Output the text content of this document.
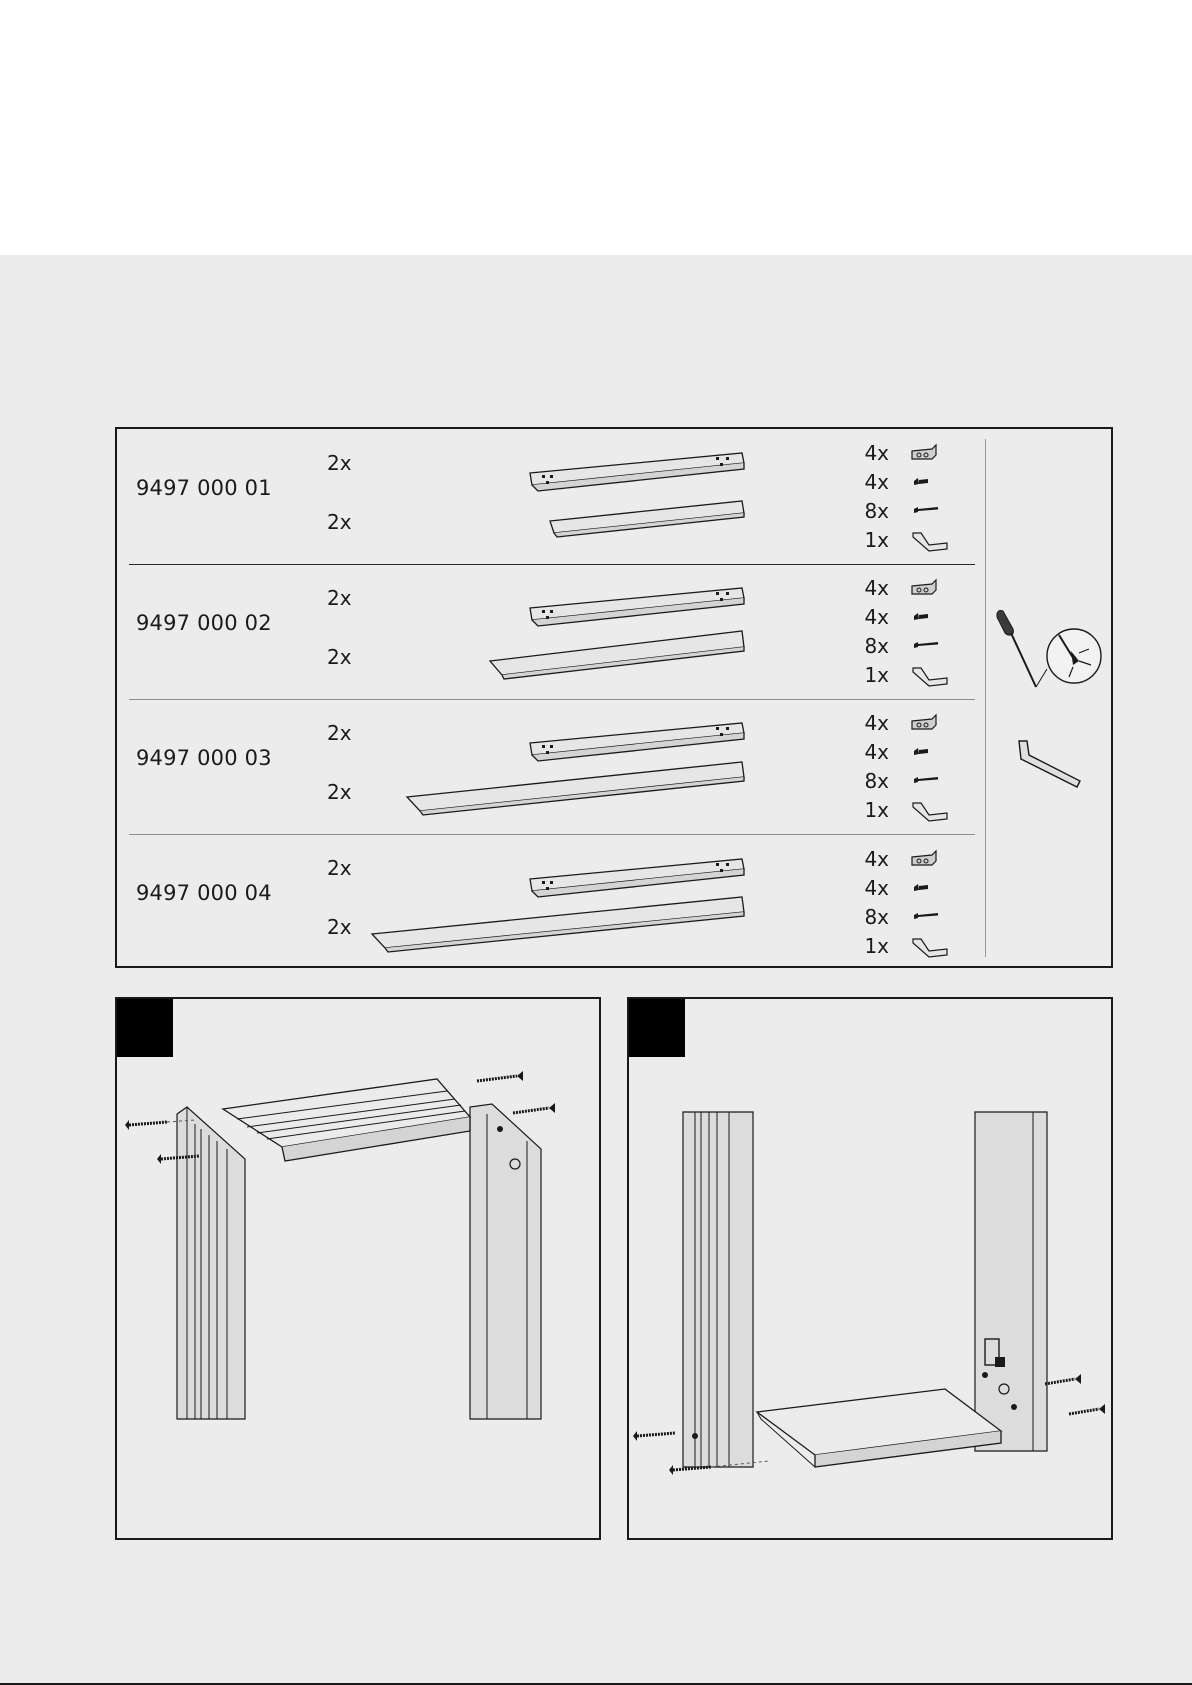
9497 000 01
2x
2x
4x
4x
8x
1x
9497 000 02
2x
2x
4x
4x
8x
1x
9497 000 03
2x
2x
4x
4x
8x
1x
9497 000 04
2x
2x
4x
4x
8x
1x
